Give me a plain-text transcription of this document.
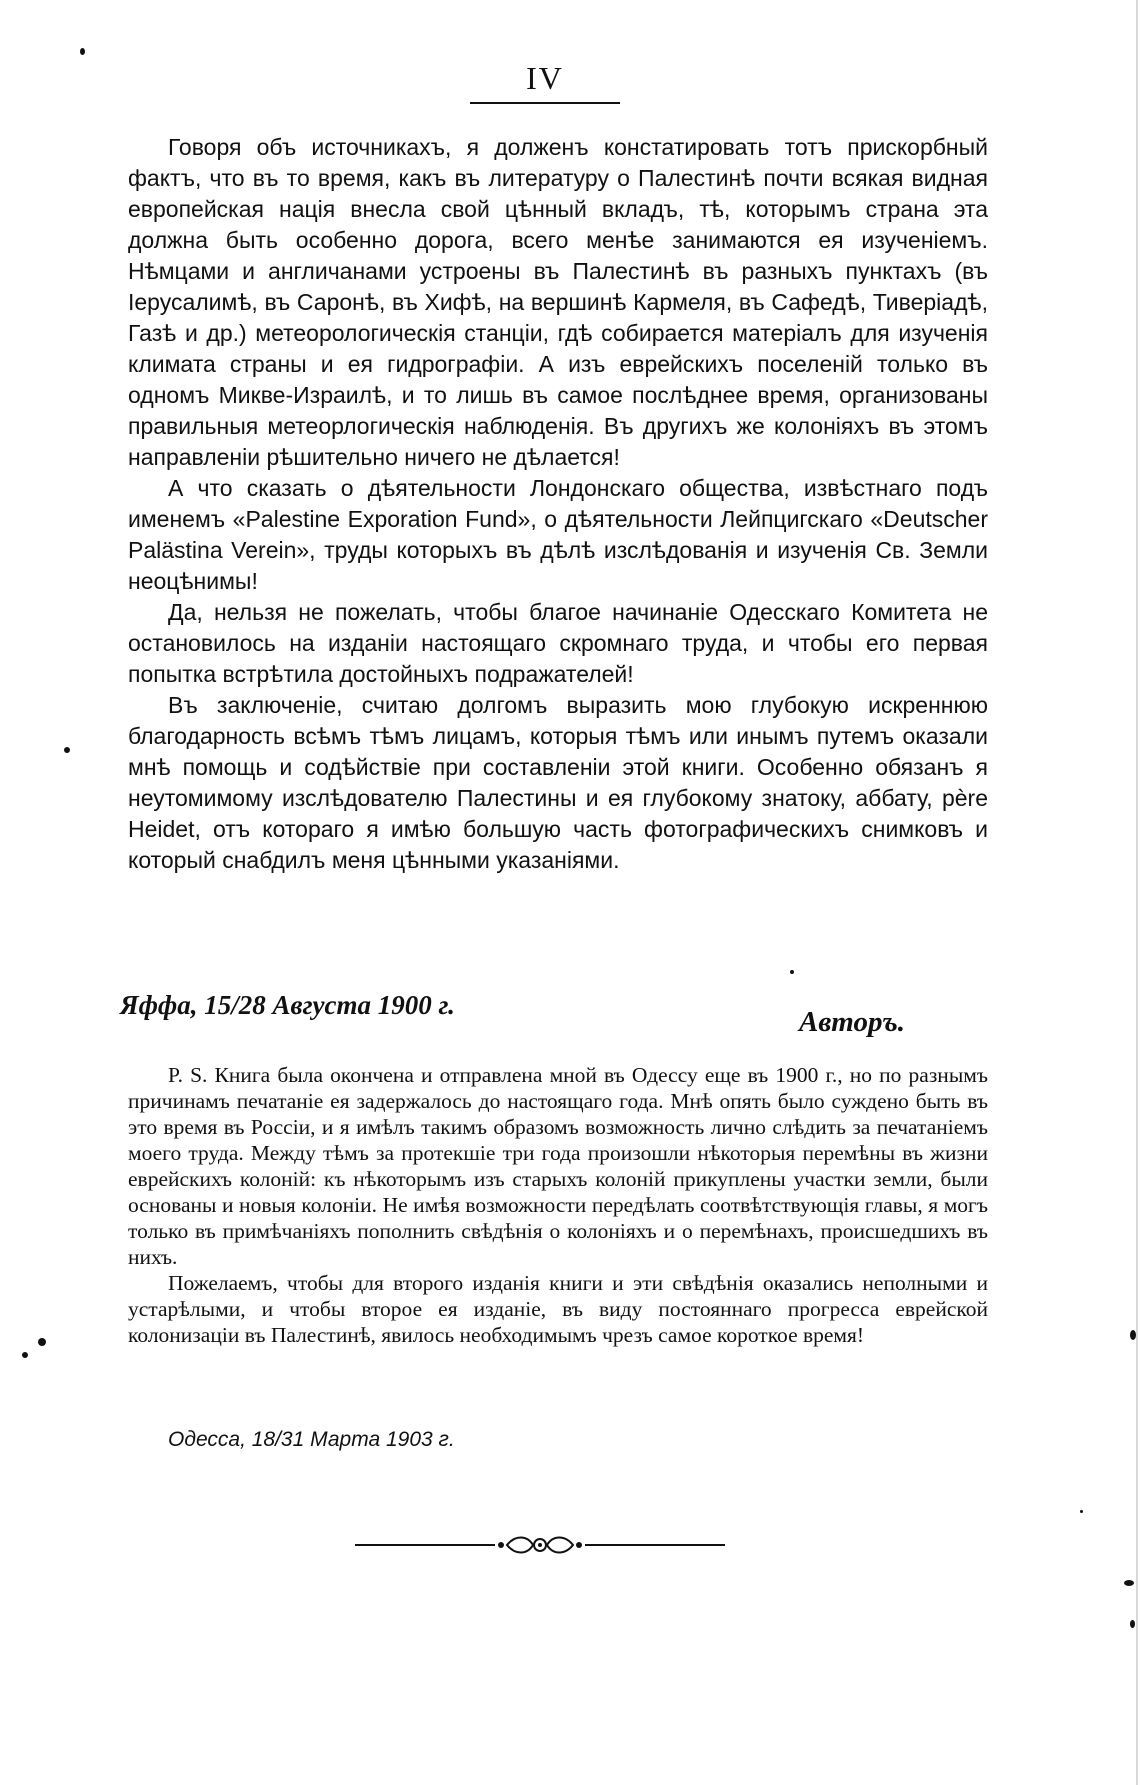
IV

Говоря объ источникахъ, я долженъ констатировать тотъ прискорбный фактъ, что въ то время, какъ въ литературу о Палестинѣ почти всякая видная европейская нація внесла свой цѣнный вкладъ, тѣ, которымъ страна эта должна быть особенно дорога, всего менѣе занимаются ея изученіемъ. Нѣмцами и англичанами устроены въ Палестинѣ въ разныхъ пунктахъ (въ Іерусалимѣ, въ Саронѣ, въ Хифѣ, на вершинѣ Кармеля, въ Сафедѣ, Тиверіадѣ, Газѣ и др.) метеорологическія станціи, гдѣ собирается матеріалъ для изученія климата страны и ея гидрографіи. А изъ еврейскихъ поселеній только въ одномъ Микве-Израилѣ, и то лишь въ самое послѣднее время, организованы правильныя метеорлогическія наблюденія. Въ другихъ же колоніяхъ въ этомъ направленіи рѣшительно ничего не дѣлается!

А что сказать о дѣятельности Лондонскаго общества, извѣстнаго подъ именемъ «Palestine Exporation Fund», о дѣятельности Лейпцигскаго «Deutscher Palästina Verein», труды которыхъ въ дѣлѣ изслѣдованія и изученія Св. Земли неоцѣнимы!

Да, нельзя не пожелать, чтобы благое начинаніе Одесскаго Комитета не остановилось на изданіи настоящаго скромнаго труда, и чтобы его первая попытка встрѣтила достойныхъ подражателей!

Въ заключеніе, считаю долгомъ выразить мою глубокую искреннюю благодарность всѣмъ тѣмъ лицамъ, которыя тѣмъ или инымъ путемъ оказали мнѣ помощь и содѣйствіе при составленіи этой книги. Особенно обязанъ я неутомимому изслѣдователю Палестины и ея глубокому знатоку, аббату, père Heidet, отъ котораго я имѣю большую часть фотографическихъ снимковъ и который снабдилъ меня цѣнными указаніями.

Яффа, 15/28 Августа 1900 г.
Авторъ.

P. S. Книга была окончена и отправлена мной въ Одессу еще въ 1900 г., но по разнымъ причинамъ печатаніе ея задержалось до настоящаго года. Мнѣ опять было суждено быть въ это время въ Россіи, и я имѣлъ такимъ образомъ возможность лично слѣдить за печатаніемъ моего труда. Между тѣмъ за протекшіе три года произошли нѣкоторыя перемѣны въ жизни еврейскихъ колоній: къ нѣкоторымъ изъ старыхъ колоній прикуплены участки земли, были основаны и новыя колоніи. Не имѣя возможности передѣлать соотвѣтствующія главы, я могъ только въ примѣчаніяхъ пополнить свѣдѣнія о колоніяхъ и о перемѣнахъ, происшедшихъ въ нихъ.

Пожелаемъ, чтобы для второго изданія книги и эти свѣдѣнія оказались неполными и устарѣлыми, и чтобы второе ея изданіе, въ виду постояннаго прогресса еврейской колонизаціи въ Палестинѣ, явилось необходимымъ чрезъ самое короткое время!

Одесса, 18/31 Марта 1903 г.
